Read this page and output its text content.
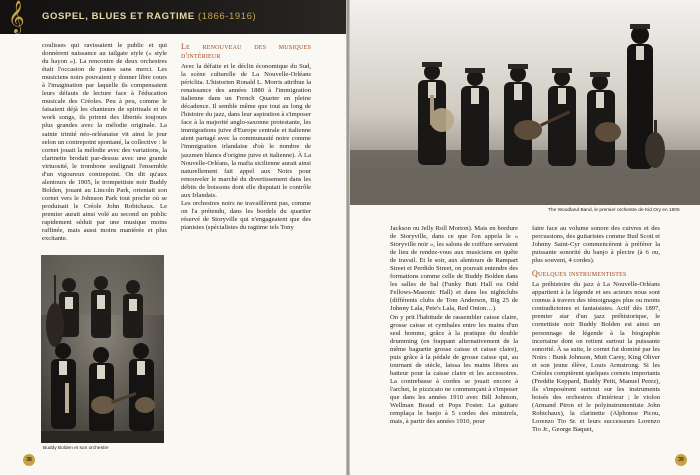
𝄞	GOSPEL, BLUES ET RAGTIME (1866-1916)

coulisses qui ravissaient le public et qui donnèrent naissance au tailgate style (« style du hayon »). La rencontre de deux orchestres était l'occasion de joutes sans merci. Les musiciens noirs pouvaient y donner libre cours à l'imagination par laquelle ils compensaient leurs défauts de lecture face à l'éducation musicale des Créoles. Peu à peu, comme le faisaient déjà les chanteurs de spirituals et de work songs, ils prirent des libertés toujours plus grandes avec la mélodie originale. La sainte trinité néo-orléanaise vit ainsi le jour selon un contrepoint spontané, la collective : le cornet jouait la mélodie avec des variations, la clarinette brodait par-dessus avec une grande virtuosité, le trombone soulignait l'ensemble d'un vigoureux contrepoint. On dit qu'aux alentours de 1905, le trompettiste noir Buddy Bolden, jouant au Lincoln Park, orientait son cornet vers le Johnson Park tout proche où se produisait le Créole John Robichaux. Le premier aurait ainsi volé au second un public rapidement séduit par une musique moins raffinée, mais aussi moins maniérée et plus excitante.

Le renouveau des musiques d'intérieur

Avec la défaite et le déclin économique du Sud, la scène culturelle de La Nouvelle-Orléans périclita. L'historien Ronald L. Morris attribue la renaissance des années 1880 à l'immigration italienne dans un French Quarter en pleine décadence. Il semble même que tout au long de l'histoire du jazz, dans leur aspiration à s'imposer face à la majorité anglo-saxonne protestante, les immigrations juive d'Europe centrale et italienne aient partagé avec la communauté noire comme l'immigration irlandaise d'où le nombre de jazzmen blancs d'origine juive et italienne). À La Nouvelle-Orléans, la mafia sicilienne aurait ainsi naturellement fait appel aux Noirs pour renouveler le marché du divertissement dans les débits de boissons dont elle disputait le contrôle aux Irlandais.

Les orchestres noirs ne travaillèrent pas, comme on l'a prétendu, dans les bordels du quartier réservé de Storyville qui n'engageaient que des pianistes (spécialistes du ragtime tels Tony

Buddy Bolden et son orchestre
38
The Woodland Band, le premier orchestre de Kid Ory en 1905

Jackson ou Jelly Roll Morton). Mais en bordure de Storyville, dans ce que l'on appela le « Storyville noir », les salons de coiffure servaient de lieu de rendez-vous aux musiciens en quête de travail. Et le soir, aux alentours de Rampart Street et Perdido Street, on pouvait entendre des formations comme celle de Buddy Bolden dans les salles de bal (Funky Butt Hall ou Odd Fellows-Masonic Hall) et dans les nightclubs (différents clubs de Tom Anderson, Big 25 de Johnny Lala, Pete's Lala, Red Onion…).

On y prit l'habitude de rassembler caisse claire, grosse caisse et cymbales entre les mains d'un seul homme, grâce à la pratique du double drumming (en frappant alternativement de la même baguette grosse caisse et caisse claire), puis grâce à la pédale de grosse caisse qui, au tournant de siècle, laissa les mains libres au batteur pour la caisse claire et les accessoires. La contrebasse à cordes se jouait encore à l'archet, le pizzicato ne commençant à s'imposer que dans les années 1910 avec Bill Johnson, Wellman Braud et Pops Foster. La guitare remplaça le banjo à 5 cordes des minstrels, mais, à partir des années 1910, pour

faire face au volume sonore des cuivres et des percussions, des guitaristes comme Bud Scott et Johnny Saint-Cyr commencèrent à préférer la puissante sonorité du banjo à plectre (à 6 ou, plus souvent, 4 cordes).

Quelques instrumentistes

La préhistoire du jazz à La Nouvelle-Orléans appartient à la légende et ses acteurs nous sont connus à travers des témoignages plus ou moins contradictoires et fantaisistes. Actif dès 1897, premier star d'un jazz préhistorique, le cornettiste noir Buddy Bolden est ainsi un personnage de légende à la biographie incertaine dont on retient surtout la puissante sonorité. À sa suite, le cornet fut dominé par les Noirs : Bunk Johnson, Mutt Carey, King Oliver et son jeune élève, Louis Armstrong. Si les Créoles comptèrent quelques cornets importants (Freddie Keppard, Buddy Petit, Manuel Perez), ils s'imposèrent surtout sur les instruments boisés des orchestres d'intérieur ; le violon (Armand Piron et le polyinstrumentiste John Robichaux), la clarinette (Alphonse Picou, Lorenzo Tio Sr. et leurs successeurs Lorenzo Tio Jr., George Baquet,

39
